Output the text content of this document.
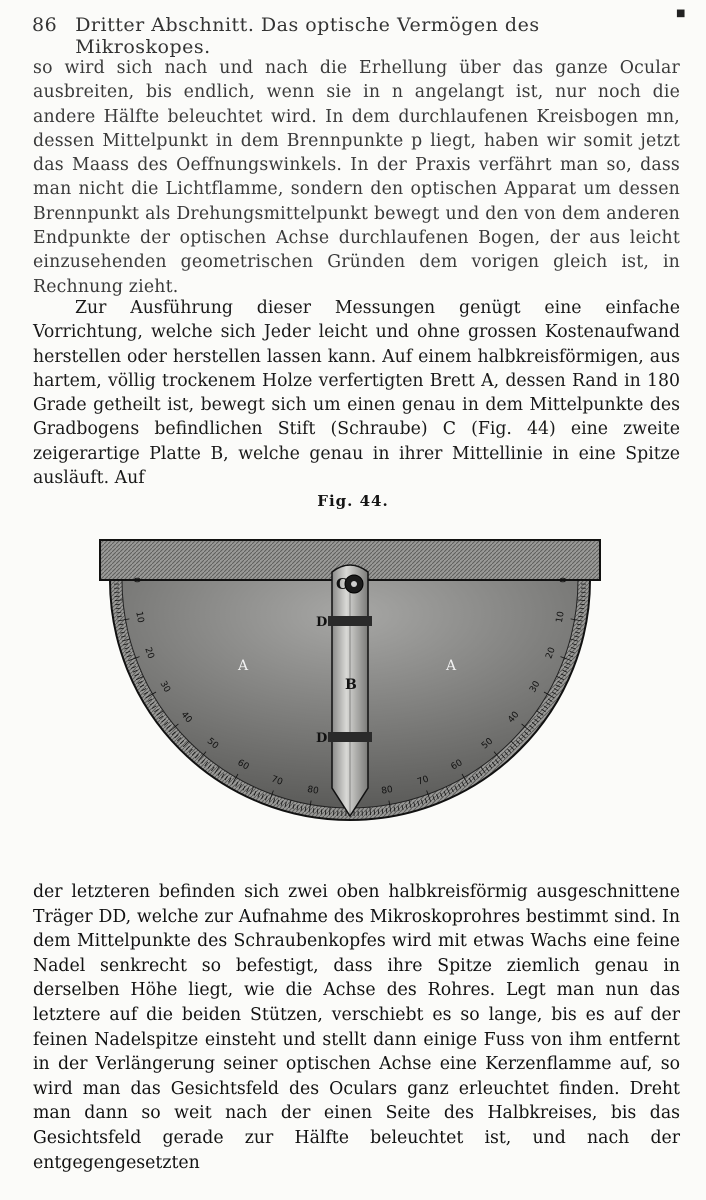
86 Dritter Abschnitt. Das optische Vermögen des Mikroskopes.
■

so wird sich nach und nach die Erhellung über das ganze Ocular ausbreiten, bis endlich, wenn sie in n angelangt ist, nur noch die andere Hälfte beleuchtet wird. In dem durchlaufenen Kreisbogen mn, dessen Mittelpunkt in dem Brennpunkte p liegt, haben wir somit jetzt das Maass des Oeffnungswinkels. In der Praxis verfährt man so, dass man nicht die Lichtflamme, sondern den optischen Apparat um dessen Brennpunkt als Drehungsmittelpunkt bewegt und den von dem anderen Endpunkte der optischen Achse durchlaufenen Bogen, der aus leicht einzusehenden geometrischen Gründen dem vorigen gleich ist, in Rechnung zieht.

Zur Ausführung dieser Messungen genügt eine einfache Vorrichtung, welche sich Jeder leicht und ohne grossen Kostenaufwand herstellen oder herstellen lassen kann. Auf einem halbkreisförmigen, aus hartem, völlig trockenem Holze verfertigten Brett A, dessen Rand in 180 Grade getheilt ist, bewegt sich um einen genau in dem Mittelpunkte des Gradbogens befindlichen Stift (Schraube) C (Fig. 44) eine zweite zeigerartige Platte B, welche genau in ihrer Mittellinie in eine Spitze ausläuft. Auf

Fig. 44.
0
10
20
30
40
50
60
70
80
80
70
60
50
40
30
20
10
0	C
A	A
B
D
D

der letzteren befinden sich zwei oben halbkreisförmig ausgeschnittene Träger DD, welche zur Aufnahme des Mikroskoprohres bestimmt sind. In dem Mittelpunkte des Schraubenkopfes wird mit etwas Wachs eine feine Nadel senkrecht so befestigt, dass ihre Spitze ziemlich genau in derselben Höhe liegt, wie die Achse des Rohres. Legt man nun das letztere auf die beiden Stützen, verschiebt es so lange, bis es auf der feinen Nadelspitze einsteht und stellt dann einige Fuss von ihm entfernt in der Verlängerung seiner optischen Achse eine Kerzenflamme auf, so wird man das Gesichtsfeld des Oculars ganz erleuchtet finden. Dreht man dann so weit nach der einen Seite des Halbkreises, bis das Gesichtsfeld gerade zur Hälfte beleuchtet ist, und nach der entgegengesetzten
